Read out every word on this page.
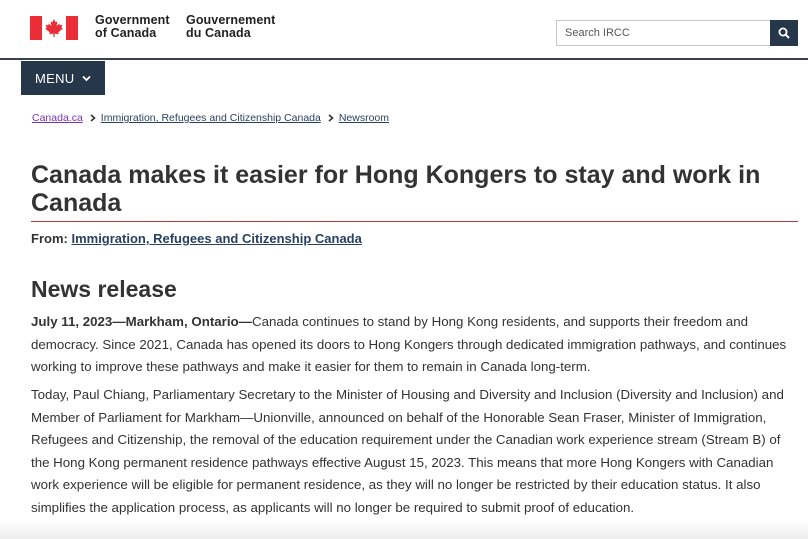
Government
of Canada
Gouvernement
du Canada
Search IRCC
MENU
Canada.ca Immigration, Refugees and Citizenship Canada Newsroom
Canada makes it easier for Hong Kongers to stay and work in Canada
From: Immigration, Refugees and Citizenship Canada
News release

July 11, 2023—Markham, Ontario—Canada continues to stand by Hong Kong residents, and supports their freedom and democracy. Since 2021, Canada has opened its doors to Hong Kongers through dedicated immigration pathways, and continues working to improve these pathways and make it easier for them to remain in Canada long-term.

Today, Paul Chiang, Parliamentary Secretary to the Minister of Housing and Diversity and Inclusion (Diversity and Inclusion) and Member of Parliament for Markham—Unionville, announced on behalf of the Honorable Sean Fraser, Minister of Immigration, Refugees and Citizenship, the removal of the education requirement under the Canadian work experience stream (Stream B) of the Hong Kong permanent residence pathways effective August 15, 2023. This means that more Hong Kongers with Canadian work experience will be eligible for permanent residence, as they will no longer be restricted by their education status. It also simplifies the application process, as applicants will no longer be required to submit proof of education.
